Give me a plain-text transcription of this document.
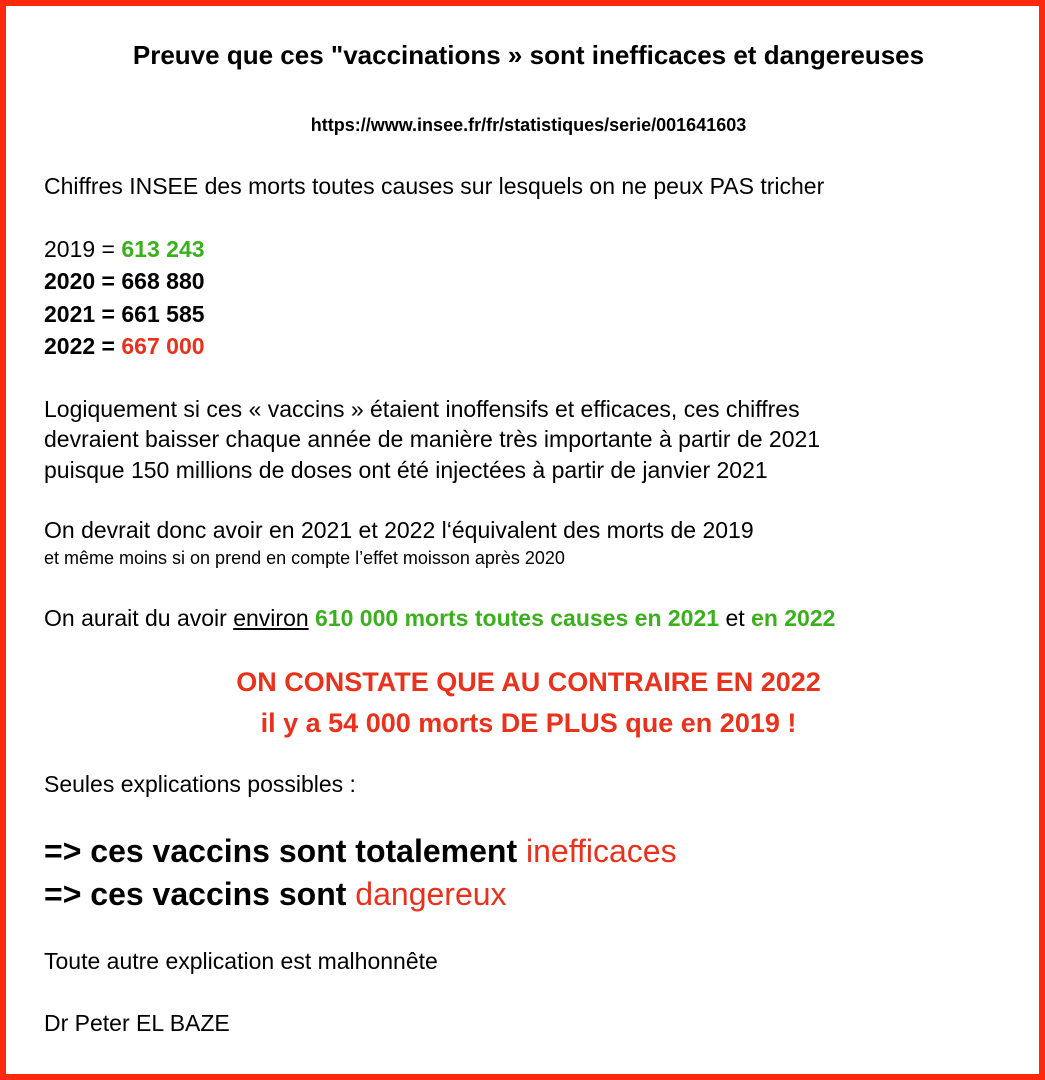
Preuve que ces "vaccinations » sont inefficaces et dangereuses
https://www.insee.fr/fr/statistiques/serie/001641603
Chiffres INSEE des morts toutes causes sur lesquels on ne peux PAS tricher
2019 = 613 243
2020 = 668 880
2021 = 661 585
2022 = 667 000
Logiquement si ces « vaccins » étaient inoffensifs et efficaces, ces chiffres
devraient baisser chaque année de manière très importante à partir de 2021
puisque 150 millions de doses ont été injectées à partir de janvier 2021
On devrait donc avoir en 2021 et 2022 l‘équivalent des morts de 2019
et même moins si on prend en compte l’effet moisson après 2020
On aurait du avoir environ 610 000 morts toutes causes en 2021 et en 2022
ON CONSTATE QUE AU CONTRAIRE EN 2022
il y a 54 000 morts DE PLUS que en 2019 !
Seules explications possibles :
=> ces vaccins sont totalement inefficaces
=> ces vaccins sont dangereux
Toute autre explication est malhonnête
Dr Peter EL BAZE
